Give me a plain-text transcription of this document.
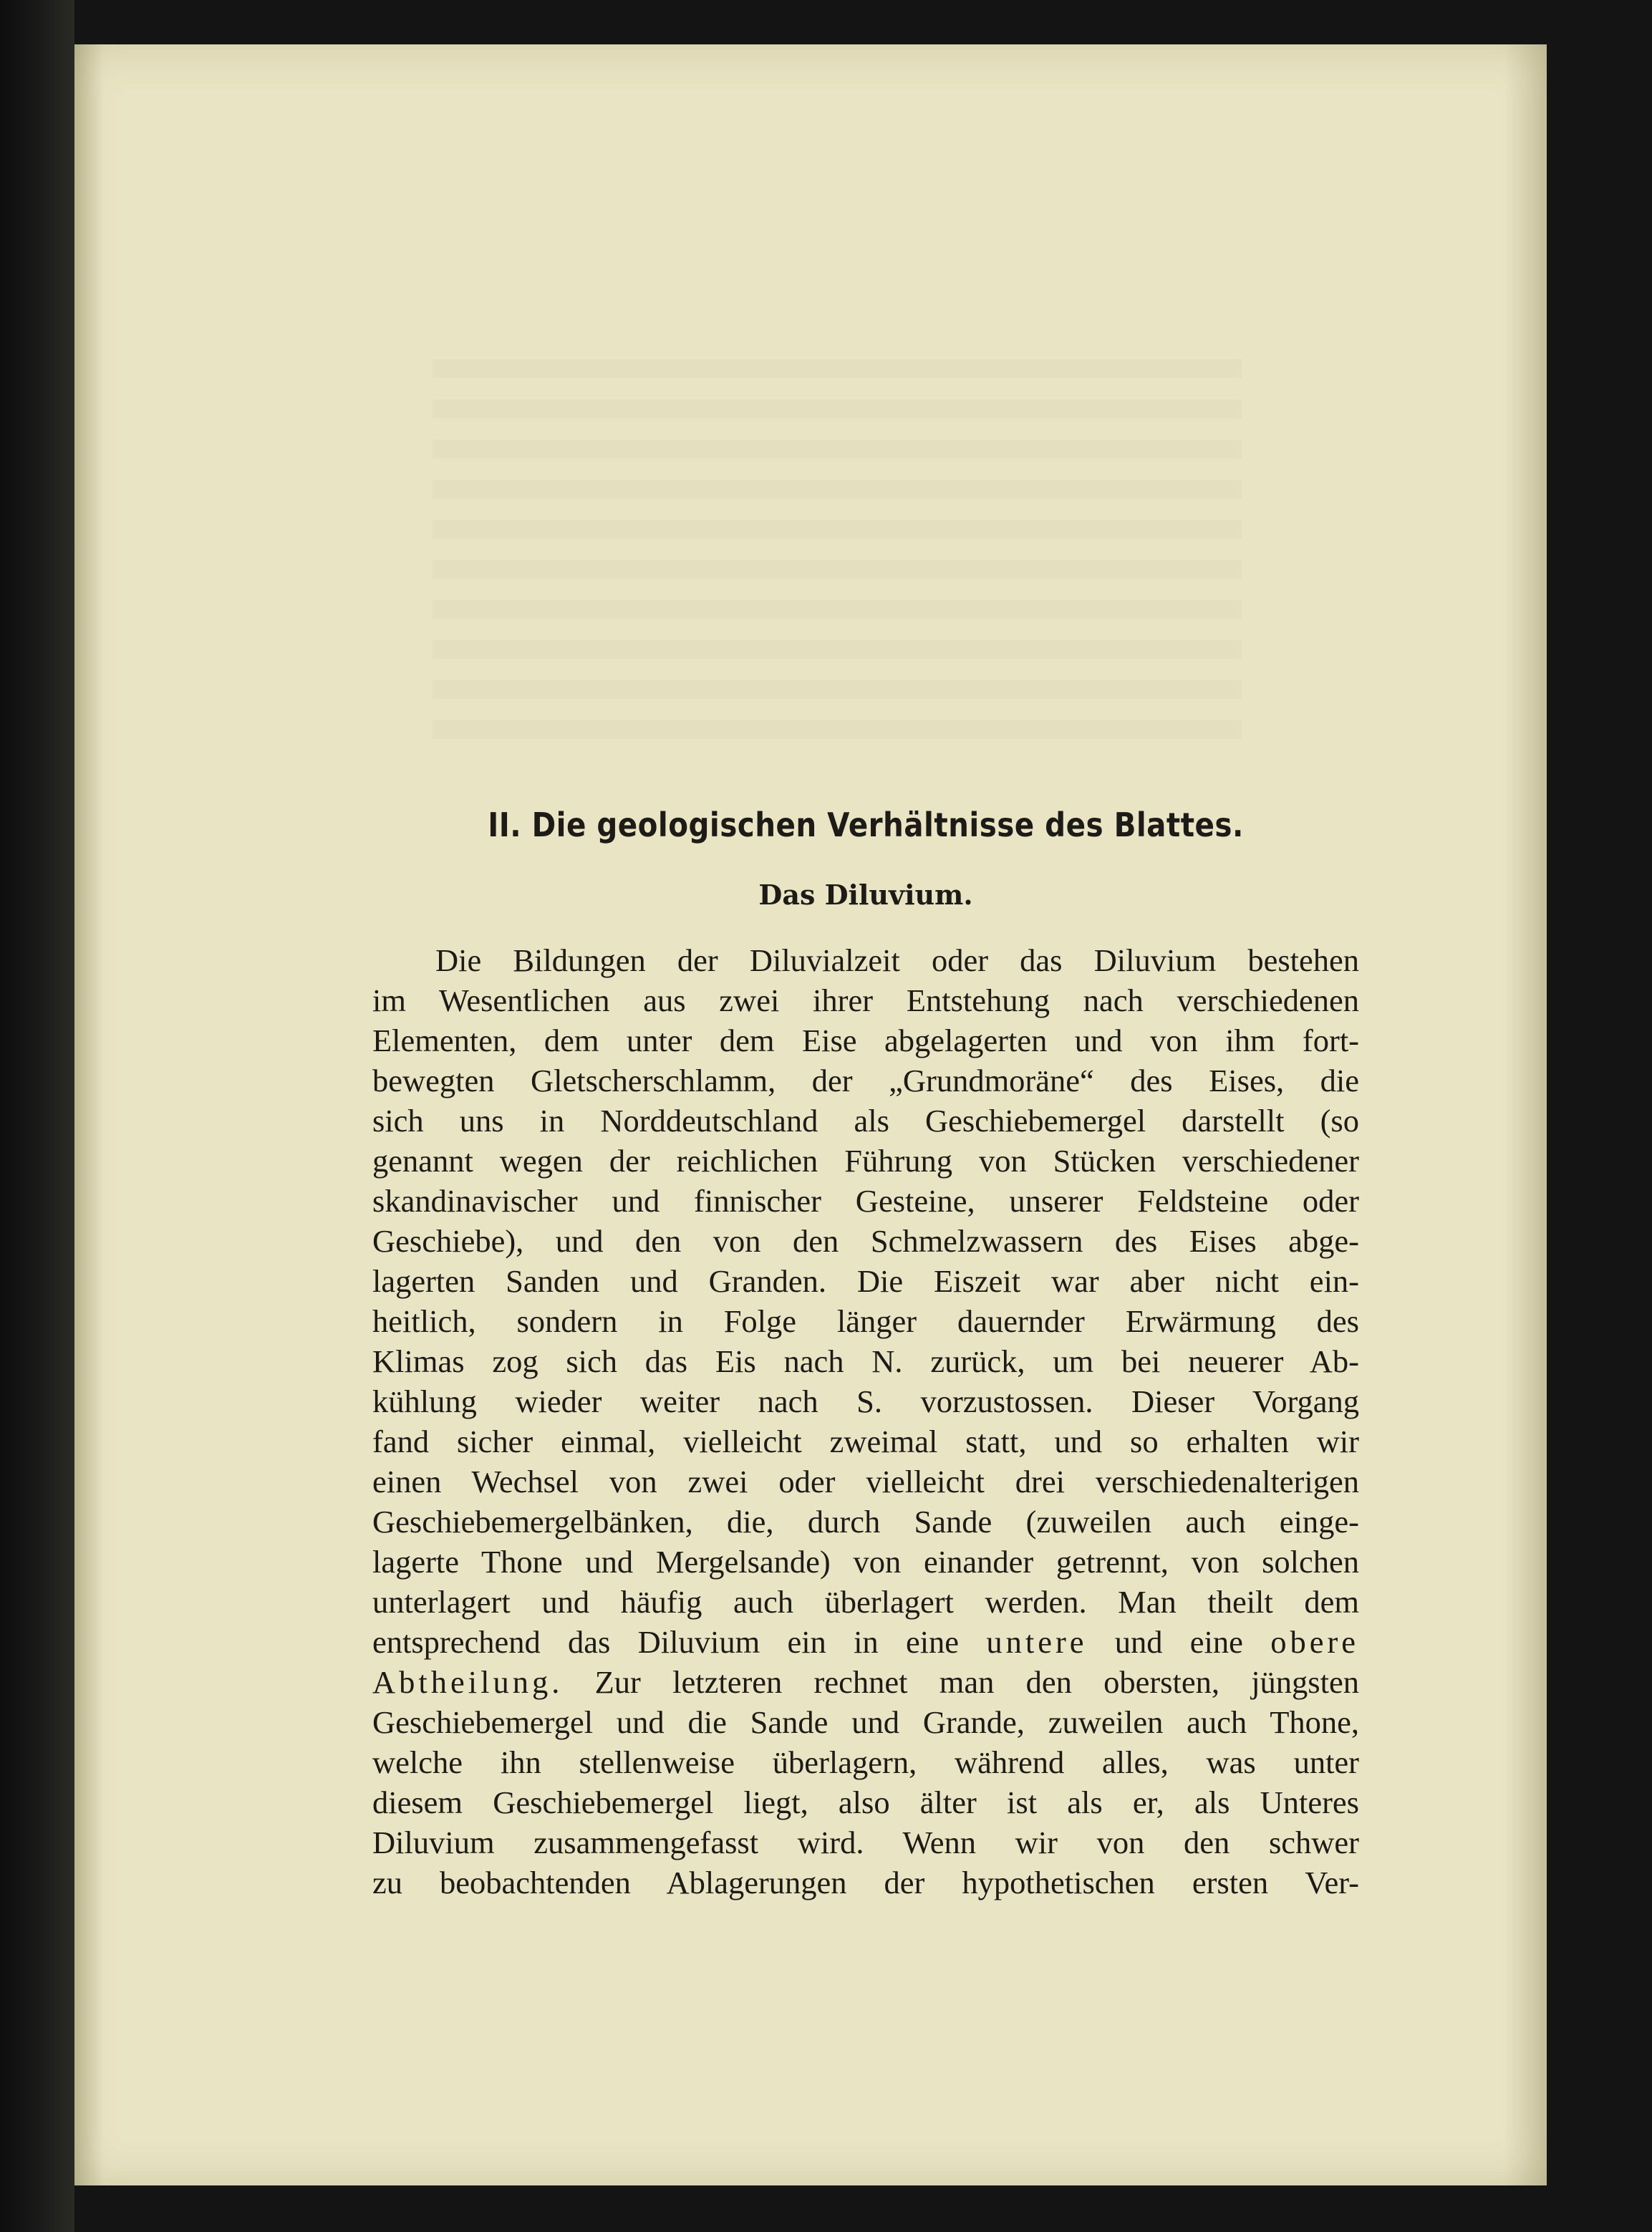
II. Die geologischen Verhältnisse des Blattes.
Das Diluvium.
Die Bildungen der Diluvialzeit oder das Diluvium bestehen
im Wesentlichen aus zwei ihrer Entstehung nach verschiedenen
Elementen, dem unter dem Eise abgelagerten und von ihm fort-
bewegten Gletscherschlamm, der „Grundmoräne“ des Eises, die
sich uns in Norddeutschland als Geschiebemergel darstellt (so
genannt wegen der reichlichen Führung von Stücken verschiedener
skandinavischer und finnischer Gesteine, unserer Feldsteine oder
Geschiebe), und den von den Schmelzwassern des Eises abge-
lagerten Sanden und Granden. Die Eiszeit war aber nicht ein-
heitlich, sondern in Folge länger dauernder Erwärmung des
Klimas zog sich das Eis nach N. zurück, um bei neuerer Ab-
kühlung wieder weiter nach S. vorzustossen. Dieser Vorgang
fand sicher einmal, vielleicht zweimal statt, und so erhalten wir
einen Wechsel von zwei oder vielleicht drei verschiedenalterigen
Geschiebemergelbänken, die, durch Sande (zuweilen auch einge-
lagerte Thone und Mergelsande) von einander getrennt, von solchen
unterlagert und häufig auch überlagert werden. Man theilt dem
entsprechend das Diluvium ein in eine untere und eine obere
Abtheilung. Zur letzteren rechnet man den obersten, jüngsten
Geschiebemergel und die Sande und Grande, zuweilen auch Thone,
welche ihn stellenweise überlagern, während alles, was unter
diesem Geschiebemergel liegt, also älter ist als er, als Unteres
Diluvium zusammengefasst wird. Wenn wir von den schwer
zu beobachtenden Ablagerungen der hypothetischen ersten Ver-
